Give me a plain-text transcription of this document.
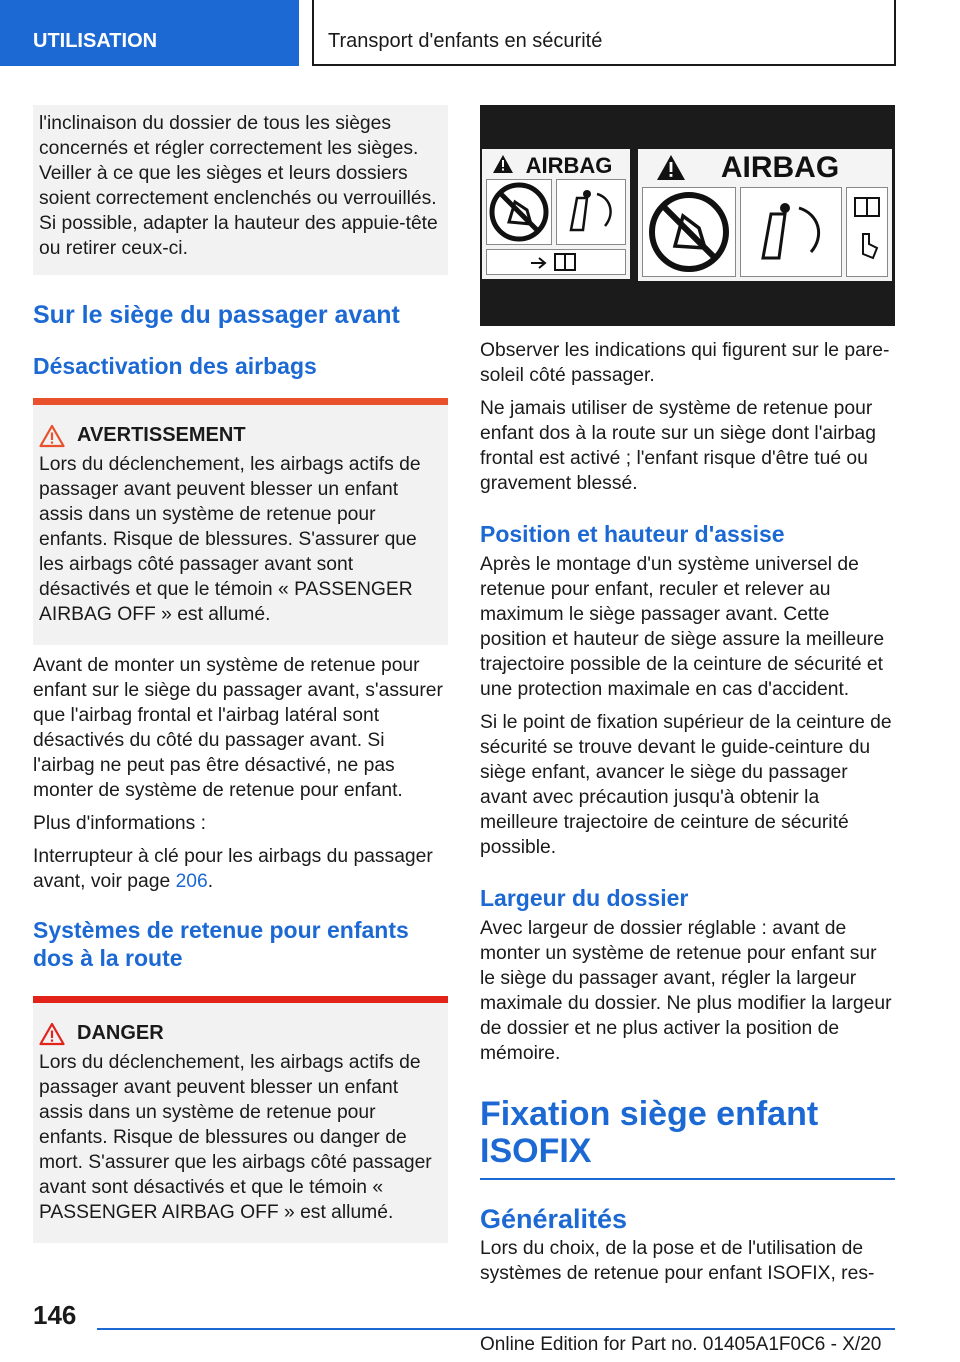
UTILISATION	Transport d'enfants en sécurité
l'inclinaison du dossier de tous les sièges concernés et régler correctement les sièges. Veiller à ce que les sièges et leurs dossiers soient correctement enclenchés ou verrouillés. Si possible, adapter la hauteur des appuie-tête ou retirer ceux-ci.
Sur le siège du passager avant
Désactivation des airbags
AVERTISSEMENT
Lors du déclenchement, les airbags actifs de passager avant peuvent blesser un enfant assis dans un système de retenue pour enfants. Risque de blessures. S'assurer que les airbags côté passager avant sont désactivés et que le témoin « PASSENGER AIRBAG OFF » est allumé.

Avant de monter un système de retenue pour enfant sur le siège du passager avant, s'assurer que l'airbag frontal et l'airbag latéral sont désactivés du côté du passager avant. Si l'airbag ne peut pas être désactivé, ne pas monter de système de retenue pour enfant.

Plus d'informations :

Interrupteur à clé pour les airbags du passager avant, voir page 206.

Systèmes de retenue pour enfants dos à la route
DANGER
Lors du déclenchement, les airbags actifs de passager avant peuvent blesser un enfant assis dans un système de retenue pour enfants. Risque de blessures ou danger de mort. S'assurer que les airbags côté passager avant sont désactivés et que le témoin « PASSENGER AIRBAG OFF » est allumé.
AIRBAG	AIRBAG

Observer les indications qui figurent sur le pare-soleil côté passager.

Ne jamais utiliser de système de retenue pour enfant dos à la route sur un siège dont l'airbag frontal est activé ; l'enfant risque d'être tué ou gravement blessé.

Position et hauteur d'assise

Après le montage d'un système universel de retenue pour enfant, reculer et relever au maximum le siège passager avant. Cette position et hauteur de siège assure la meilleure trajectoire possible de la ceinture de sécurité et une protection maximale en cas d'accident.

Si le point de fixation supérieur de la ceinture de sécurité se trouve devant le guide-ceinture du siège enfant, avancer le siège du passager avant avec précaution jusqu'à obtenir la meilleure trajectoire de ceinture de sécurité possible.

Largeur du dossier

Avec largeur de dossier réglable : avant de monter un système de retenue pour enfant sur le siège du passager avant, régler la largeur maximale du dossier. Ne plus modifier la largeur de dossier et ne plus activer la position de mémoire.

Fixation siège enfant ISOFIX
Généralités

Lors du choix, de la pose et de l'utilisation de systèmes de retenue pour enfant ISOFIX, res-

146
Online Edition for Part no. 01405A1F0C6 - X/20
